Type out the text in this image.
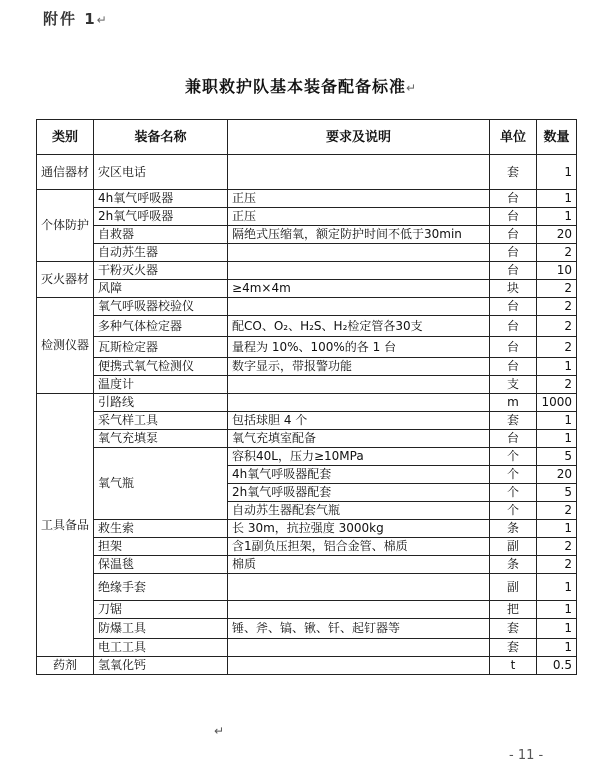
附件 1↵
兼职救护队基本装备配备标准↵
类别	装备名称	要求及说明	单位	数量
通信器材	灾区电话		套	1
个体防护	4h氧气呼吸器	正压	台	1
	2h氧气呼吸器	正压	台	1
	自救器	隔绝式压缩氧，额定防护时间不低于30min	台	20
	自动苏生器		台	2
灭火器材	干粉灭火器		台	10
	风障	≥4m×4m	块	2
检测仪器	氧气呼吸器校验仪		台	2
	多种气体检定器	配CO、O₂、H₂S、H₂检定管各30支	台	2
	瓦斯检定器	量程为 10%、100%的各 1 台	台	2
	便携式氧气检测仪	数字显示，带报警功能	台	1
	温度计		支	2
工具备品	引路线		m	1000
	采气样工具	包括球胆 4 个	套	1
	氧气充填泵	氧气充填室配备	台	1
	氧气瓶	容积40L，压力≥10MPa	个	5
		4h氧气呼吸器配套	个	20
		2h氧气呼吸器配套	个	5
		自动苏生器配套气瓶	个	2
	救生索	长 30m，抗拉强度 3000kg	条	1
	担架	含1副负压担架，铝合金管、棉质	副	2
	保温毯	棉质	条	2
	绝缘手套		副	1
	刀锯		把	1
	防爆工具	锤、斧、镐、锹、钎、起钉器等	套	1
	电工工具		套	1
药剂	氢氧化钙		t	0.5
↵
- 11 -
